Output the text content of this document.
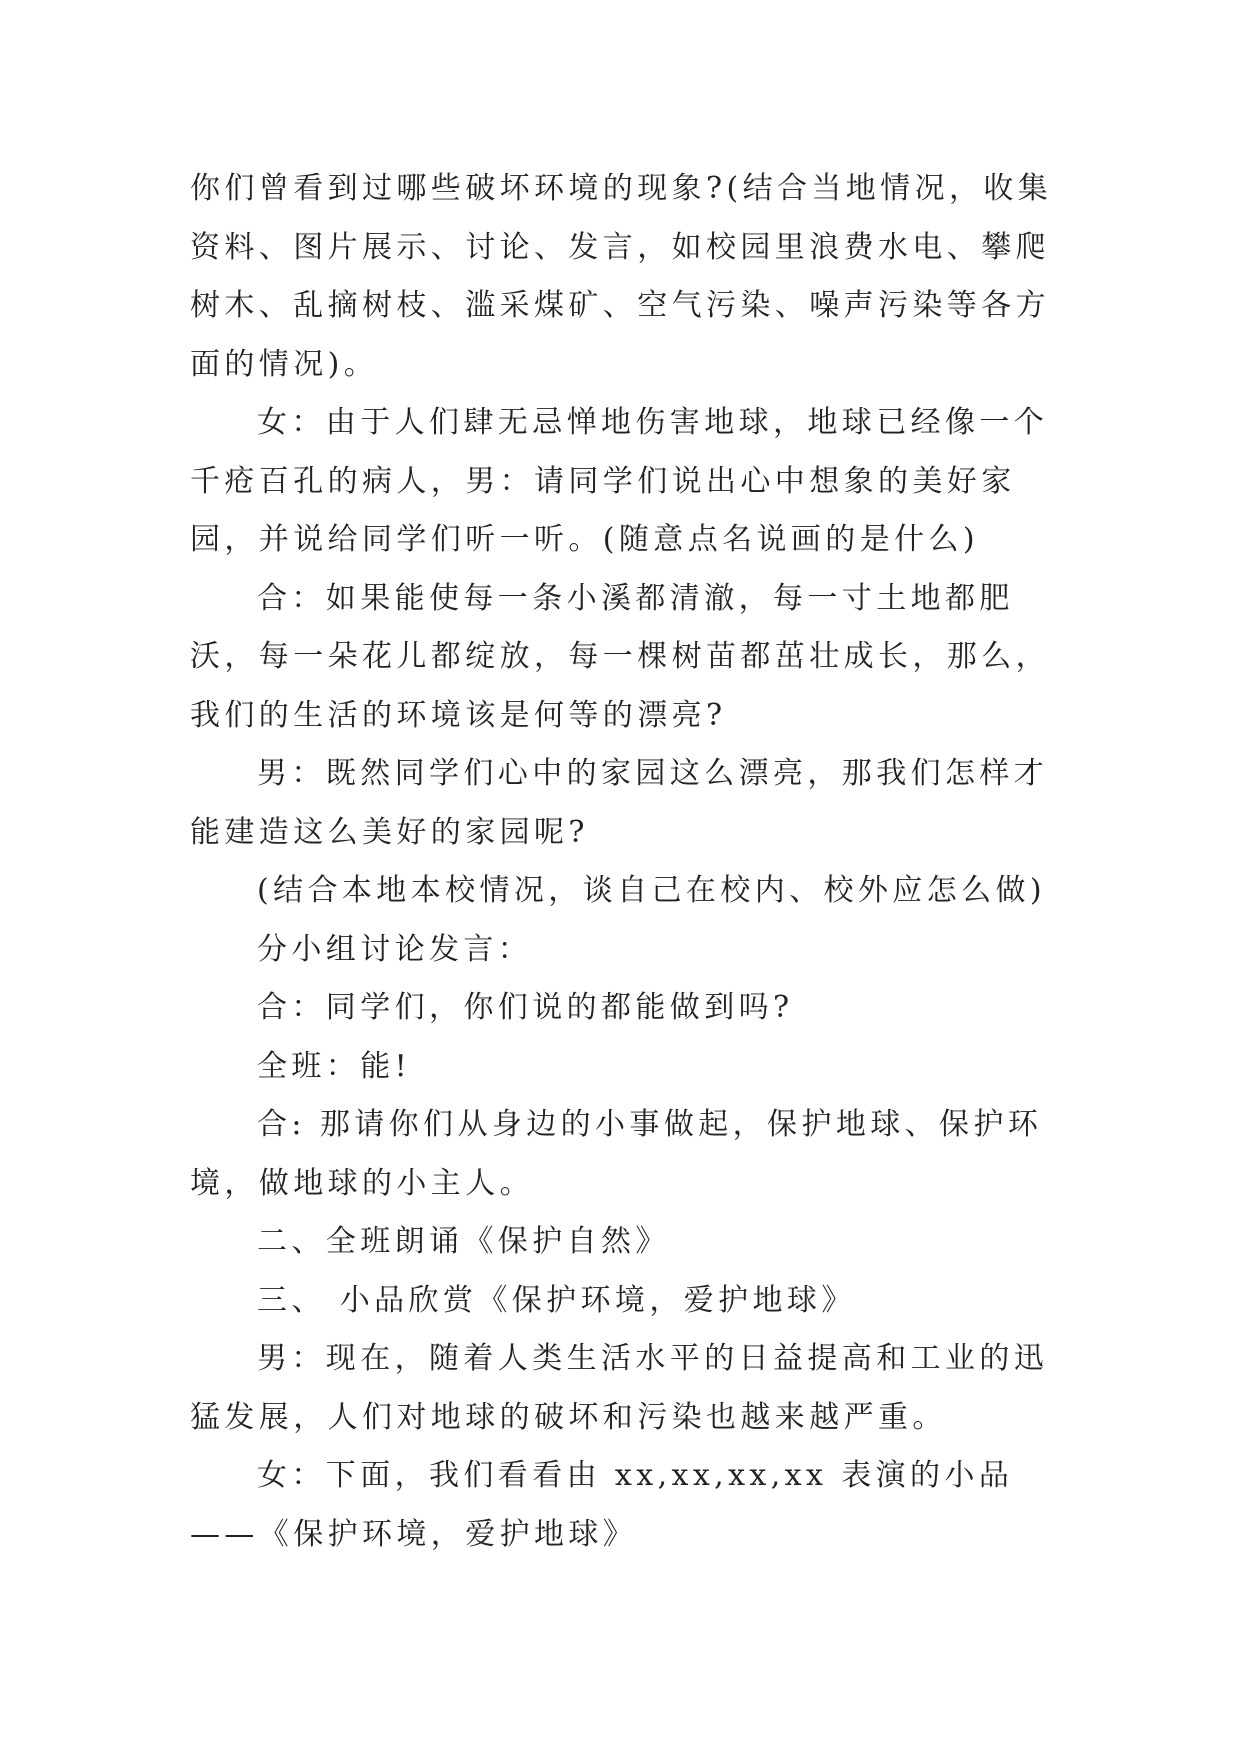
你们曾看到过哪些破坏环境的现象?(结合当地情况，收集资料、图片展示、讨论、发言，如校园里浪费水电、攀爬树木、乱摘树枝、滥采煤矿、空气污染、噪声污染等各方面的情况)。

女：由于人们肆无忌惮地伤害地球，地球已经像一个千疮百孔的病人，男：请同学们说出心中想象的美好家园，并说给同学们听一听。(随意点名说画的是什么)

合：如果能使每一条小溪都清澈，每一寸土地都肥沃，每一朵花儿都绽放，每一棵树苗都茁壮成长，那么，我们的生活的环境该是何等的漂亮?

男：既然同学们心中的家园这么漂亮，那我们怎样才能建造这么美好的家园呢?

(结合本地本校情况，谈自己在校内、校外应怎么做)

分小组讨论发言：

合：同学们，你们说的都能做到吗?

全班：能!

合: 那请你们从身边的小事做起，保护地球、保护环境，做地球的小主人。

二、全班朗诵《保护自然》

三、 小品欣赏《保护环境，爱护地球》

男：现在，随着人类生活水平的日益提高和工业的迅猛发展，人们对地球的破坏和污染也越来越严重。

女：下面，我们看看由 xx,xx,xx,xx 表演的小品——《保护环境，爱护地球》
